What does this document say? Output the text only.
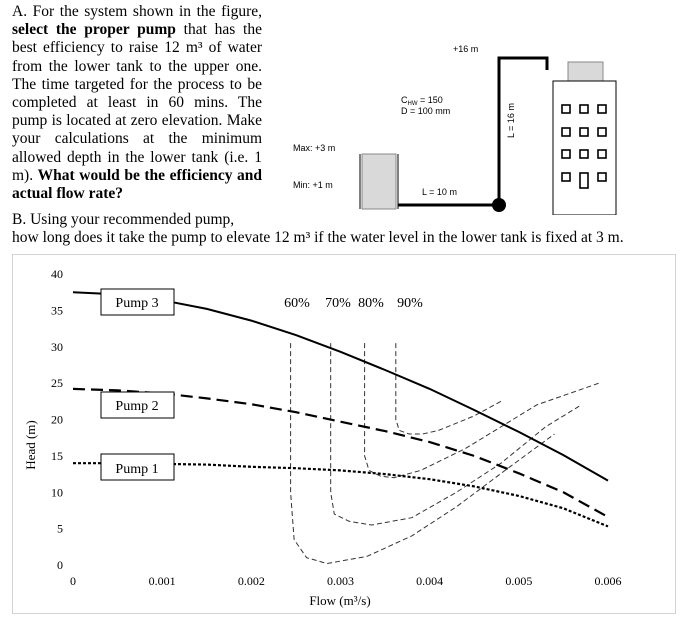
A. For the system shown in the figure, select the proper pump that has the best efficiency to raise 12 m³ of water from the lower tank to the upper one. The time targeted for the process to be completed at least in 60 mins. The pump is located at zero elevation. Make your calculations at the minimum allowed depth in the lower tank (i.e. 1 m). What would be the efficiency and actual flow rate?
B. Using your recommended pump,
how long does it take the pump to elevate 12 m³ if the water level in the lower tank is fixed at 3 m.
+16 m
$C_{HW} = 150$
D = 100 mm
Max: +3 m
Min: +1 m
L = 10 m
L = 16 m
0
5
10
15
20
25
30
35
40
0	0.001	0.002	0.003	0.004	0.005	0.006
Head (m)
Flow (m³/s)
Pump 3
Pump 2
Pump 1
60% 70% 80% 90%
